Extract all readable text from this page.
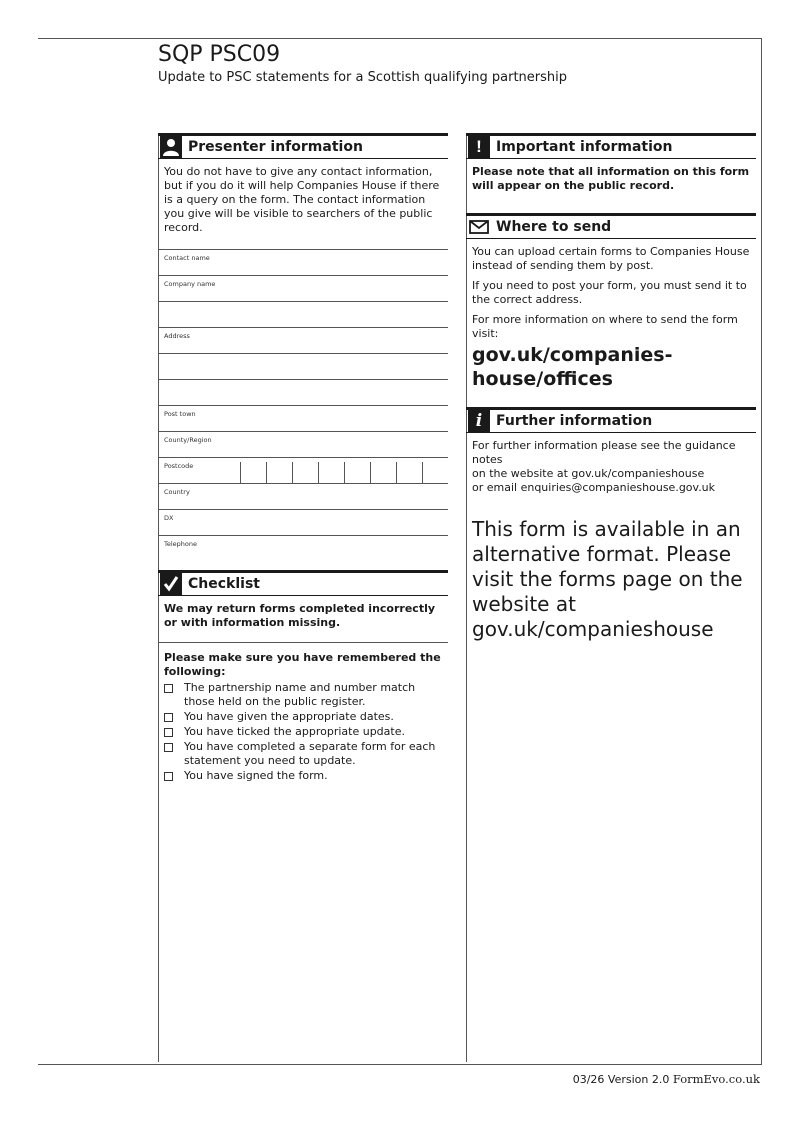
SQP PSC09
Update to PSC statements for a Scottish qualifying partnership
Presenter information

You do not have to give any contact information, but if you do it will help Companies House if there is a query on the form. The contact information you give will be visible to searchers of the public record.

Contact name
Company name
Address
Post town
County/Region
Postcode
Country
DX
Telephone
Checklist

We may return forms completed incorrectly or with information missing.

Please make sure you have remembered the following:

The partnership name and number match those held on the public register.
You have given the appropriate dates.
You have ticked the appropriate update.
You have completed a separate form for each statement you need to update.
You have signed the form.
!	Important information

Please note that all information on this form will appear on the public record.

Where to send

You can upload certain forms to Companies House instead of sending them by post.

If you need to post your form, you must send it to the correct address.

For more information on where to send the form visit:

gov.uk/companies-house/offices
i Further information
For further information please see the guidance notes
on the website at gov.uk/companieshouse
or email enquiries@companieshouse.gov.uk
This form is available in an alternative format. Please visit the forms page on the website at gov.uk/companieshouse
03/26 Version 2.0 FormEvo.co.uk
